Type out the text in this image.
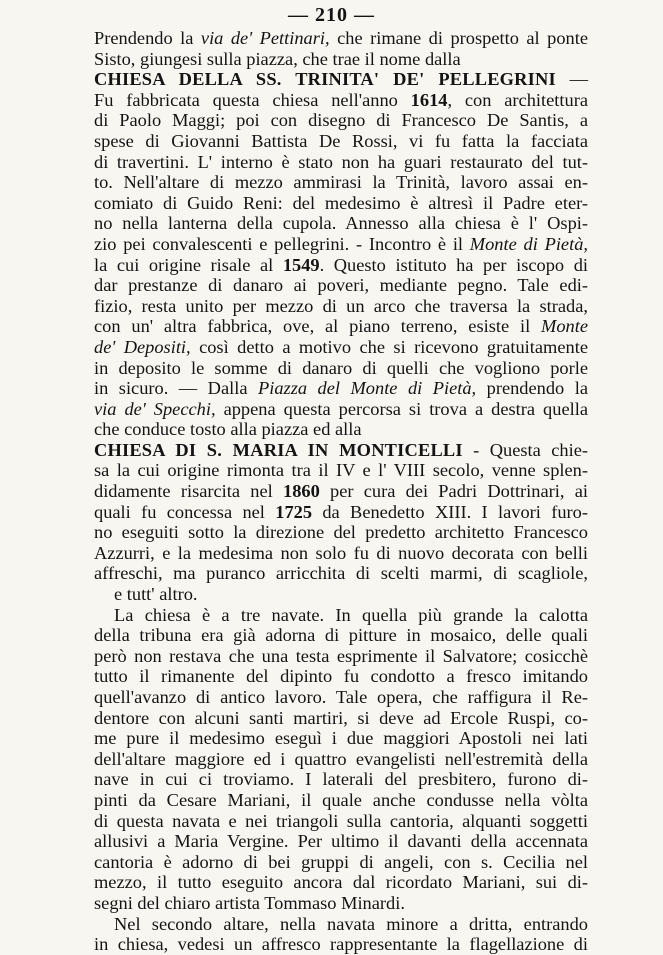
— 210 —
Prendendo la via de' Pettinari, che rimane di prospetto al ponte
Sisto, giungesi sulla piazza, che trae il nome dalla
CHIESA DELLA SS. TRINITA' DE' PELLEGRINI —
Fu fabbricata questa chiesa nell'anno 1614, con architettura
di Paolo Maggi; poi con disegno di Francesco De Santis, a
spese di Giovanni Battista De Rossi, vi fu fatta la facciata
di travertini. L' interno è stato non ha guari restaurato del tut-
to. Nell'altare di mezzo ammirasi la Trinità, lavoro assai en-
comiato di Guido Reni: del medesimo è altresì il Padre eter-
no nella lanterna della cupola. Annesso alla chiesa è l' Ospi-
zio pei convalescenti e pellegrini. - Incontro è il Monte di Pietà,
la cui origine risale al 1549. Questo istituto ha per iscopo di
dar prestanze di danaro ai poveri, mediante pegno. Tale edi-
fizio, resta unito per mezzo di un arco che traversa la strada,
con un' altra fabbrica, ove, al piano terreno, esiste il Monte
de' Depositi, così detto a motivo che si ricevono gratuitamente
in deposito le somme di danaro di quelli che vogliono porle
in sicuro. — Dalla Piazza del Monte di Pietà, prendendo la
via de' Specchi, appena questa percorsa si trova a destra quella
che conduce tosto alla piazza ed alla
CHIESA DI S. MARIA IN MONTICELLI - Questa chie-
sa la cui origine rimonta tra il IV e l' VIII secolo, venne splen-
didamente risarcita nel 1860 per cura dei Padri Dottrinari, ai
quali fu concessa nel 1725 da Benedetto XIII. I lavori furo-
no eseguiti sotto la direzione del predetto architetto Francesco
Azzurri, e la medesima non solo fu di nuovo decorata con belli
affreschi, ma puranco arricchita di scelti marmi, di scagliole,
e tutt' altro.
La chiesa è a tre navate. In quella più grande la calotta
della tribuna era già adorna di pitture in mosaico, delle quali
però non restava che una testa esprimente il Salvatore; cosicchè
tutto il rimanente del dipinto fu condotto a fresco imitando
quell'avanzo di antico lavoro. Tale opera, che raffigura il Re-
dentore con alcuni santi martiri, si deve ad Ercole Ruspi, co-
me pure il medesimo eseguì i due maggiori Apostoli nei lati
dell'altare maggiore ed i quattro evangelisti nell'estremità della
nave in cui ci troviamo. I laterali del presbitero, furono di-
pinti da Cesare Mariani, il quale anche condusse nella vòlta
di questa navata e nei triangoli sulla cantoria, alquanti soggetti
allusivi a Maria Vergine. Per ultimo il davanti della accennata
cantoria è adorno di bei gruppi di angeli, con s. Cecilia nel
mezzo, il tutto eseguito ancora dal ricordato Mariani, sui di-
segni del chiaro artista Tommaso Minardi.
Nel secondo altare, nella navata minore a dritta, entrando
in chiesa, vedesi un affresco rappresentante la flagellazione di
